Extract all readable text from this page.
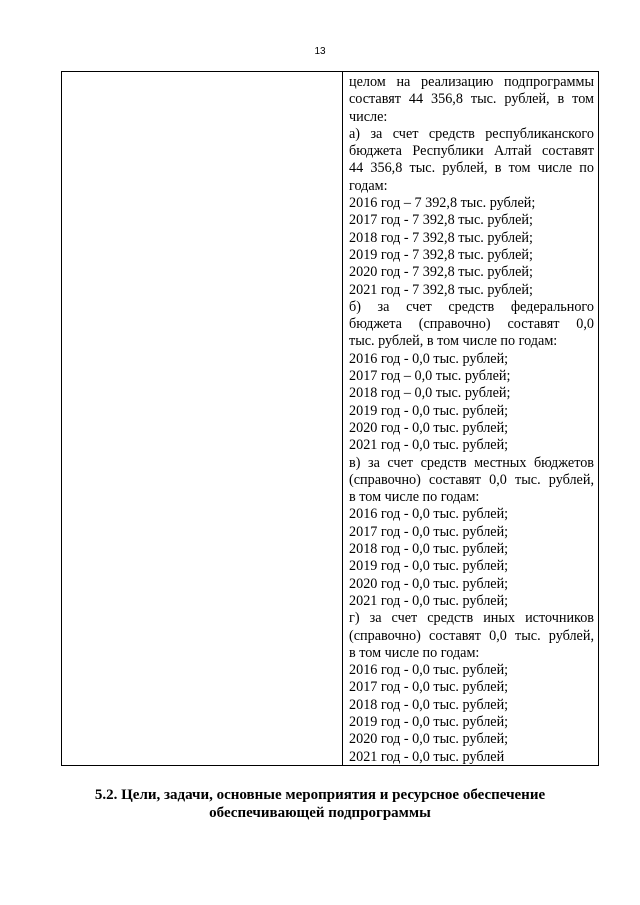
13
целом на реализацию подпрограммы
составят 44 356,8 тыс. рублей, в том
числе:
а) за счет средств республиканского
бюджета Республики Алтай составят
44 356,8 тыс. рублей, в том числе по
годам:
2016 год – 7 392,8 тыс. рублей;
2017 год - 7 392,8 тыс. рублей;
2018 год - 7 392,8 тыс. рублей;
2019 год - 7 392,8 тыс. рублей;
2020 год - 7 392,8 тыс. рублей;
2021 год - 7 392,8 тыс. рублей;
б) за счет средств федерального
бюджета (справочно) составят 0,0
тыс. рублей, в том числе по годам:
2016 год - 0,0 тыс. рублей;
2017 год – 0,0 тыс. рублей;
2018 год – 0,0 тыс. рублей;
2019 год - 0,0 тыс. рублей;
2020 год - 0,0 тыс. рублей;
2021 год - 0,0 тыс. рублей;
в) за счет средств местных бюджетов
(справочно) составят 0,0 тыс. рублей,
в том числе по годам:
2016 год - 0,0 тыс. рублей;
2017 год - 0,0 тыс. рублей;
2018 год - 0,0 тыс. рублей;
2019 год - 0,0 тыс. рублей;
2020 год - 0,0 тыс. рублей;
2021 год - 0,0 тыс. рублей;
г) за счет средств иных источников
(справочно) составят 0,0 тыс. рублей,
в том числе по годам:
2016 год - 0,0 тыс. рублей;
2017 год - 0,0 тыс. рублей;
2018 год - 0,0 тыс. рублей;
2019 год - 0,0 тыс. рублей;
2020 год - 0,0 тыс. рублей;
2021 год - 0,0 тыс. рублей
5.2. Цели, задачи, основные мероприятия и ресурсное обеспечение
обеспечивающей подпрограммы
